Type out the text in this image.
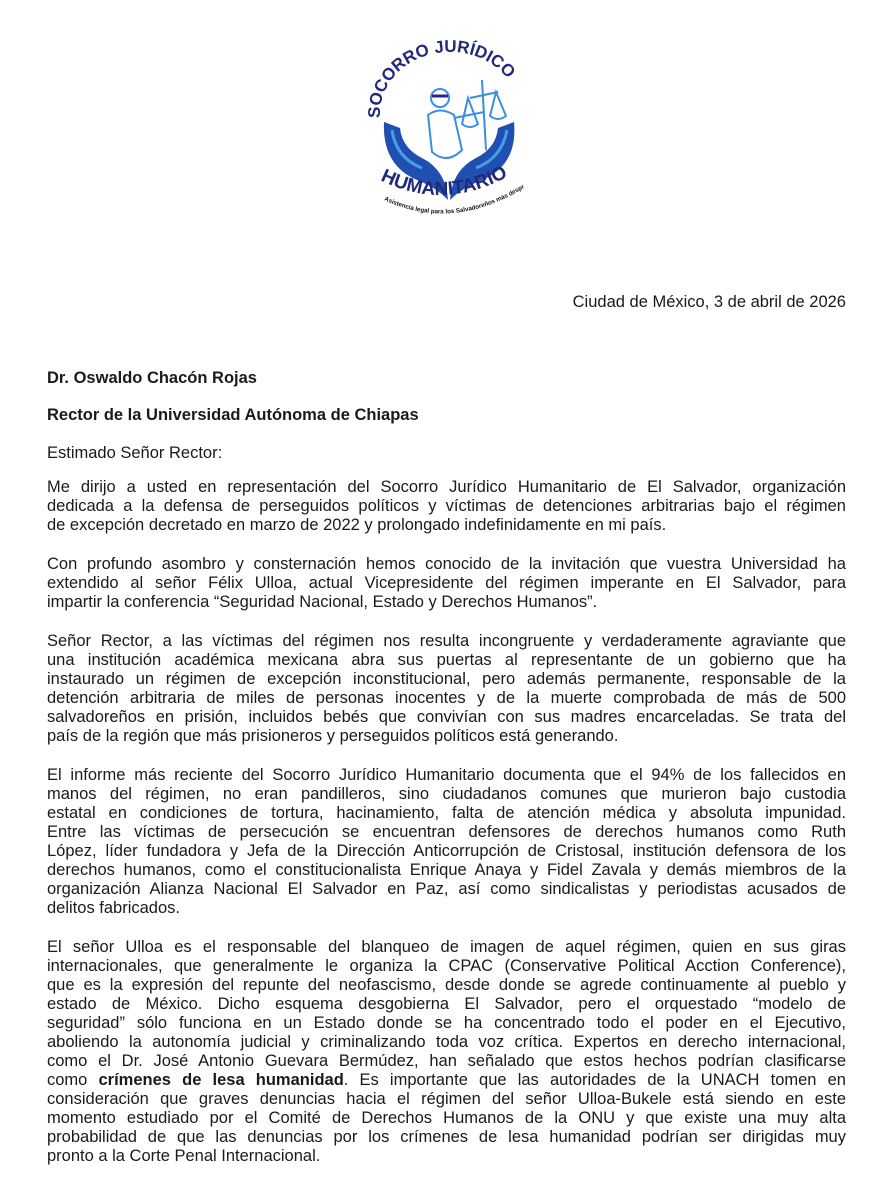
SOCORRO JURÍDICO
HUMANITARIO
Asistencia legal para los Salvadoreños más despr
Ciudad de México, 3 de abril de 2026
Dr. Oswaldo Chacón Rojas
Rector de la Universidad Autónoma de Chiapas
Estimado Señor Rector:
Me dirijo a usted en representación del Socorro Jurídico Humanitario de El Salvador, organización
dedicada a la defensa de perseguidos políticos y víctimas de detenciones arbitrarias bajo el régimen
de excepción decretado en marzo de 2022 y prolongado indefinidamente en mi país.
Con profundo asombro y consternación hemos conocido de la invitación que vuestra Universidad ha
extendido al señor Félix Ulloa, actual Vicepresidente del régimen imperante en El Salvador, para
impartir la conferencia “Seguridad Nacional, Estado y Derechos Humanos”.
Señor Rector, a las víctimas del régimen nos resulta incongruente y verdaderamente agraviante que
una institución académica mexicana abra sus puertas al representante de un gobierno que ha
instaurado un régimen de excepción inconstitucional, pero además permanente, responsable de la
detención arbitraria de miles de personas inocentes y de la muerte comprobada de más de 500
salvadoreños en prisión, incluidos bebés que convivían con sus madres encarceladas. Se trata del
país de la región que más prisioneros y perseguidos políticos está generando.
El informe más reciente del Socorro Jurídico Humanitario documenta que el 94% de los fallecidos en
manos del régimen, no eran pandilleros, sino ciudadanos comunes que murieron bajo custodia
estatal en condiciones de tortura, hacinamiento, falta de atención médica y absoluta impunidad.
Entre las víctimas de persecución se encuentran defensores de derechos humanos como Ruth
López, líder fundadora y Jefa de la Dirección Anticorrupción de Cristosal, institución defensora de los
derechos humanos, como el constitucionalista Enrique Anaya y Fidel Zavala y demás miembros de la
organización Alianza Nacional El Salvador en Paz, así como sindicalistas y periodistas acusados de
delitos fabricados.
El señor Ulloa es el responsable del blanqueo de imagen de aquel régimen, quien en sus giras
internacionales, que generalmente le organiza la CPAC (Conservative Political Acction Conference),
que es la expresión del repunte del neofascismo, desde donde se agrede continuamente al pueblo y
estado de México. Dicho esquema desgobierna El Salvador, pero el orquestado “modelo de
seguridad” sólo funciona en un Estado donde se ha concentrado todo el poder en el Ejecutivo,
aboliendo la autonomía judicial y criminalizando toda voz crítica. Expertos en derecho internacional,
como el Dr. José Antonio Guevara Bermúdez, han señalado que estos hechos podrían clasificarse
como crímenes de lesa humanidad. Es importante que las autoridades de la UNACH tomen en
consideración que graves denuncias hacia el régimen del señor Ulloa-Bukele está siendo en este
momento estudiado por el Comité de Derechos Humanos de la ONU y que existe una muy alta
probabilidad de que las denuncias por los crímenes de lesa humanidad podrían ser dirigidas muy
pronto a la Corte Penal Internacional.
